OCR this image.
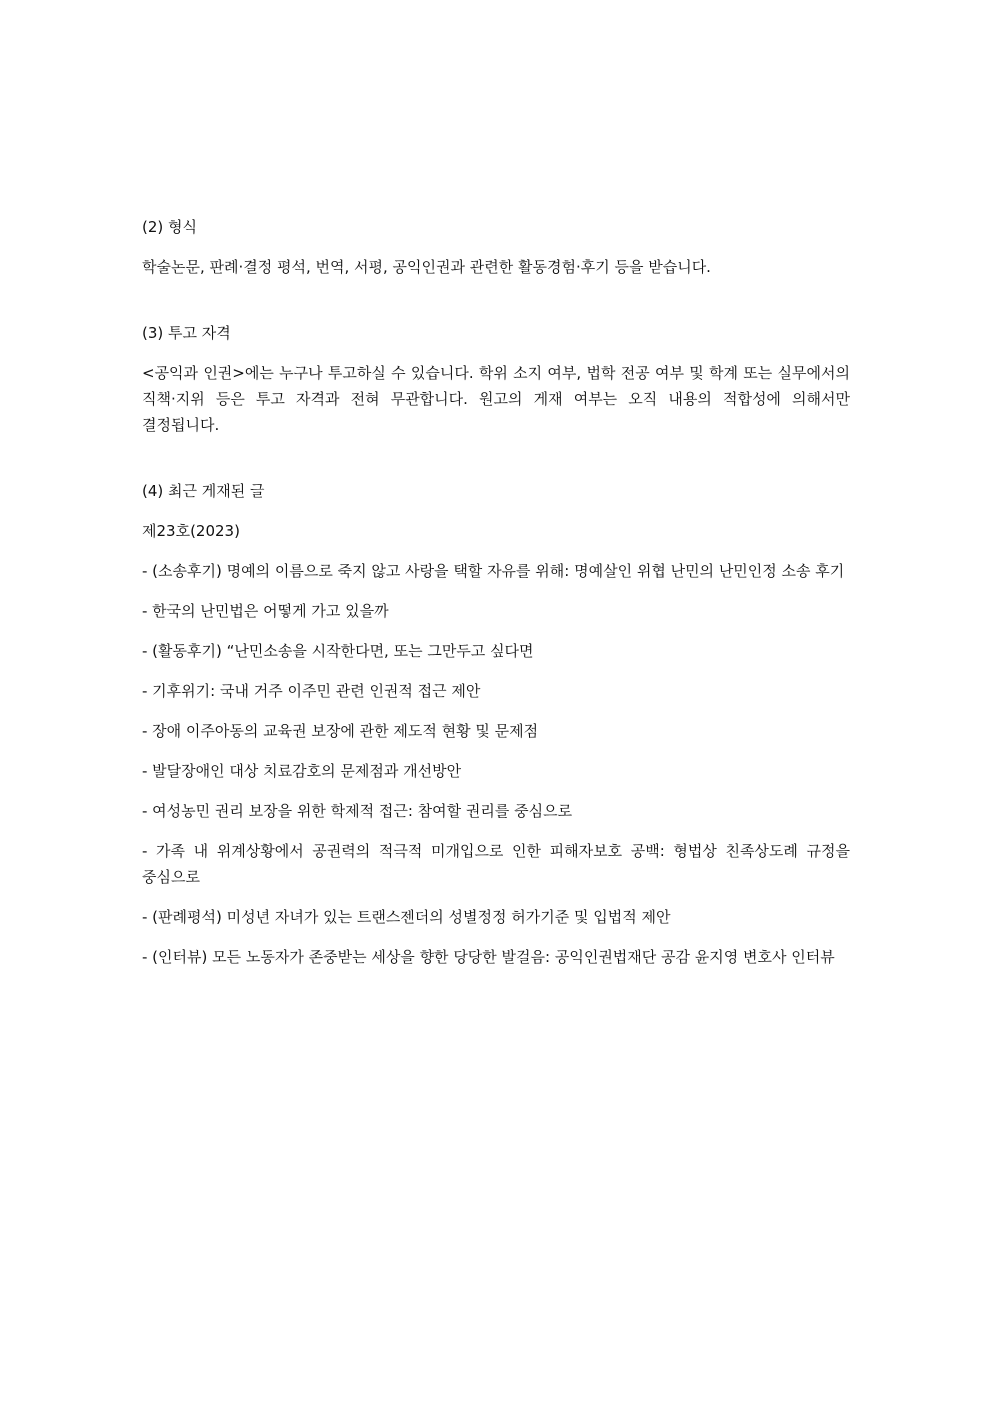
(2) 형식

학술논문, 판례·결정 평석, 번역, 서평, 공익인권과 관련한 활동경험·후기 등을 받습니다.

(3) 투고 자격

<공익과 인권>에는 누구나 투고하실 수 있습니다. 학위 소지 여부, 법학 전공 여부 및 학계 또는 실무에서의 직책·지위 등은 투고 자격과 전혀 무관합니다. 원고의 게재 여부는 오직 내용의 적합성에 의해서만 결정됩니다.

(4) 최근 게재된 글

제23호(2023)

- (소송후기) 명예의 이름으로 죽지 않고 사랑을 택할 자유를 위해: 명예살인 위협 난민의 난민인정 소송 후기
- 한국의 난민법은 어떻게 가고 있을까
- (활동후기) “난민소송을 시작한다면, 또는 그만두고 싶다면
- 기후위기: 국내 거주 이주민 관련 인권적 접근 제안
- 장애 이주아동의 교육권 보장에 관한 제도적 현황 및 문제점
- 발달장애인 대상 치료감호의 문제점과 개선방안
- 여성농민 권리 보장을 위한 학제적 접근: 참여할 권리를 중심으로
- 가족 내 위계상황에서 공권력의 적극적 미개입으로 인한 피해자보호 공백: 형법상 친족상도례 규정을 중심으로
- (판례평석) 미성년 자녀가 있는 트랜스젠더의 성별정정 허가기준 및 입법적 제안
- (인터뷰) 모든 노동자가 존중받는 세상을 향한 당당한 발걸음: 공익인권법재단 공감 윤지영 변호사 인터뷰
